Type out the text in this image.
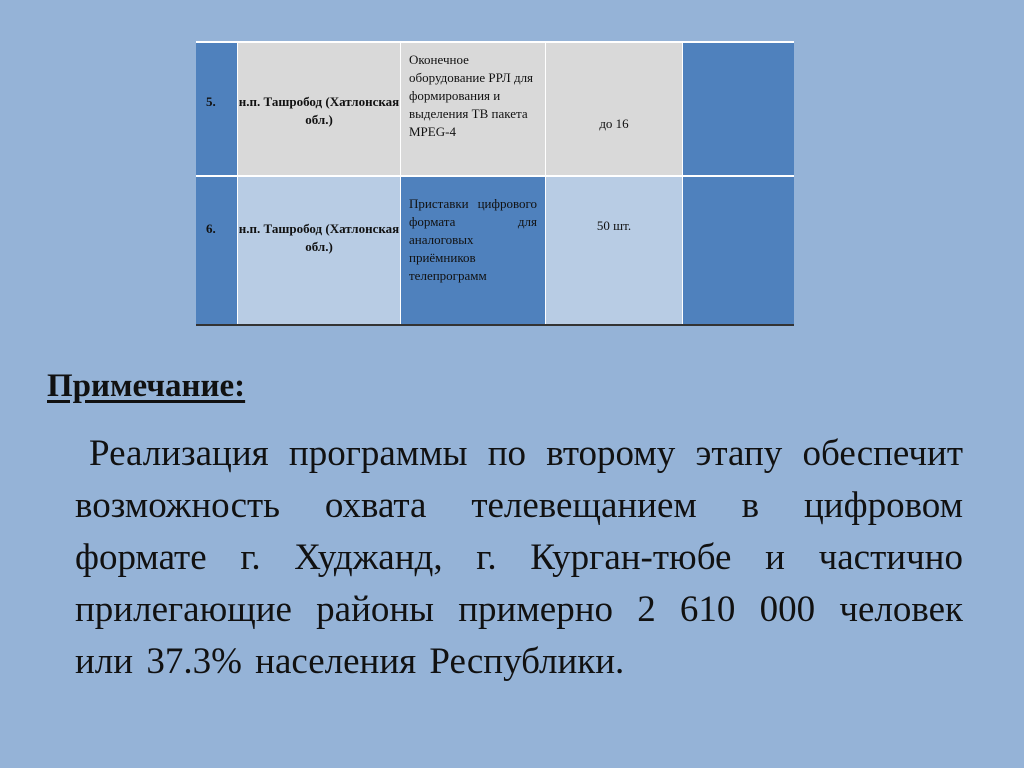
5.	н.п. Ташробод (Хатлонская обл.)
Оконечное оборудование РРЛ для формирования и выделения ТВ пакета MPEG-4
до 16
6.	н.п. Ташробод (Хатлонская обл.)
Приставки цифрового формата для аналоговых приёмников телепрограмм
50 шт.
Примечание:
Реализация программы по второму этапу обеспечит возможность охвата телевещанием в цифровом формате г. Худжанд, г. Курган-тюбе и частично прилегающие районы примерно 2 610 000 человек или 37.3% населения Республики.
